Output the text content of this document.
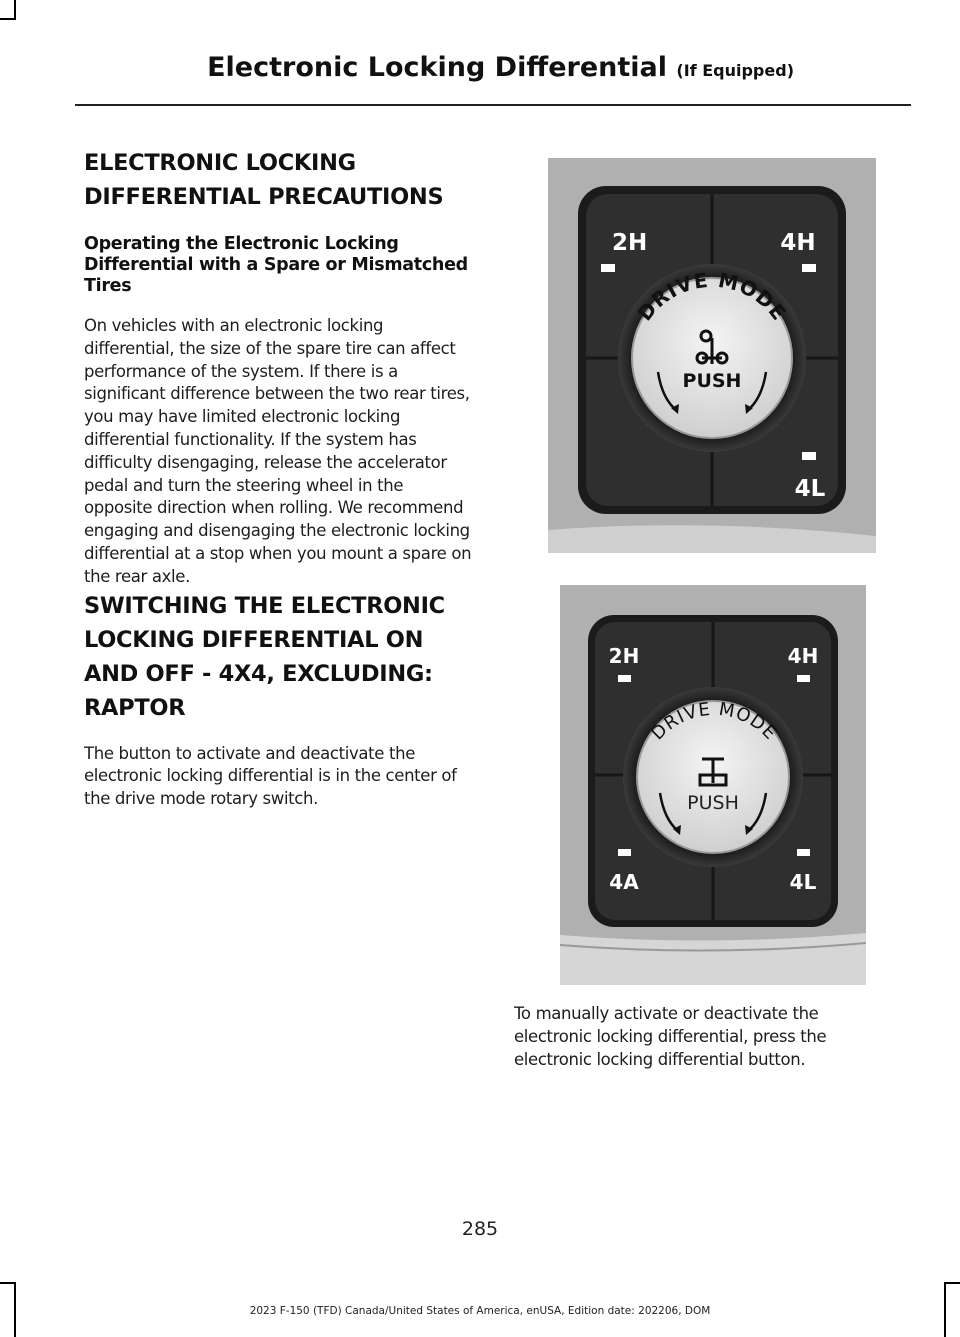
Electronic Locking Differential (If Equipped)
ELECTRONIC LOCKING
DIFFERENTIAL PRECAUTIONS
Operating the Electronic Locking Differential with a Spare or Mismatched Tires

On vehicles with an electronic locking differential, the size of the spare tire can affect performance of the system. If there is a significant difference between the two rear tires, you may have limited electronic locking differential functionality. If the system has difficulty disengaging, release the accelerator pedal and turn the steering wheel in the opposite direction when rolling. We recommend engaging and disengaging the electronic locking differential at a stop when you mount a spare on the rear axle.

SWITCHING THE ELECTRONIC
LOCKING DIFFERENTIAL ON
AND OFF - 4X4, EXCLUDING:
RAPTOR

The button to activate and deactivate the electronic locking differential is in the center of the drive mode rotary switch.

2H	4H
4L
DRIVE MODE
PUSH
2H	4H
4A	4L
DRIVE MODE
PUSH

To manually activate or deactivate the electronic locking differential, press the electronic locking differential button.

285
2023 F-150 (TFD) Canada/United States of America, enUSA, Edition date: 202206, DOM
